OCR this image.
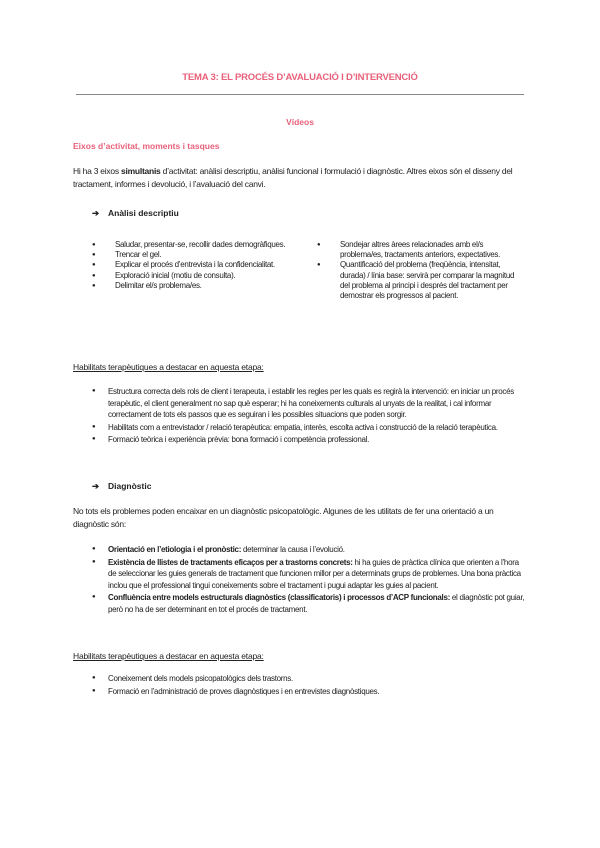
TEMA 3: EL PROCÉS D’AVALUACIÓ I D’INTERVENCIÓ
Vídeos
Eixos d’activitat, moments i tasques
Hi ha 3 eixos simultanis d’activitat: anàlisi descriptiu, anàlisi funcional i formulació i diagnòstic. Altres eixos són el disseny del tractament, informes i devolució, i l’avaluació del canvi.
➔ Anàlisi descriptiu
● Saludar, presentar-se, recollir dades demogràfiques.
● Trencar el gel.
● Explicar el procés d’entrevista i la confidencialitat.
● Exploració inicial (motiu de consulta).
● Delimitar el/s problema/es.
● Sondejar altres àrees relacionades amb el/s problema/es, tractaments anteriors, expectatives.
● Quantificació del problema (freqüència, intensitat, durada) / línia base: servirà per comparar la magnitud del problema al principi i després del tractament per demostrar els progressos al pacient.
Habilitats terapèutiques a destacar en aquesta etapa:
● Estructura correcta dels rols de client i terapeuta, i establir les regles per les quals es regirà la intervenció: en iniciar un procés terapèutic, el client generalment no sap què esperar; hi ha coneixements culturals al unyats de la realitat, i cal informar correctament de tots els passos que es seguiran i les possibles situacions que poden sorgir.
● Habilitats com a entrevistador / relació terapèutica: empatia, interès, escolta activa i construcció de la relació terapèutica.
● Formació teòrica i experiència prèvia: bona formació i competència professional.
➔ Diagnòstic
No tots els problemes poden encaixar en un diagnòstic psicopatològic. Algunes de les utilitats de fer una orientació a un diagnòstic són:
● Orientació en l’etiologia i el pronòstic: determinar la causa i l’evolució.
● Existència de llistes de tractaments eficaços per a trastorns concrets: hi ha guies de pràctica clínica que orienten a l’hora de seleccionar les guies generals de tractament que funcionen millor per a determinats grups de problemes. Una bona pràctica inclou que el professional tingui coneixements sobre el tractament i pugui adaptar les guies al pacient.
● Confluència entre models estructurals diagnòstics (classificatoris) i processos d’ACP funcionals: el diagnòstic pot guiar, però no ha de ser determinant en tot el procés de tractament.
Habilitats terapèutiques a destacar en aquesta etapa:
● Coneixement dels models psicopatològics dels trastorns.
● Formació en l’administració de proves diagnòstiques i en entrevistes diagnòstiques.
